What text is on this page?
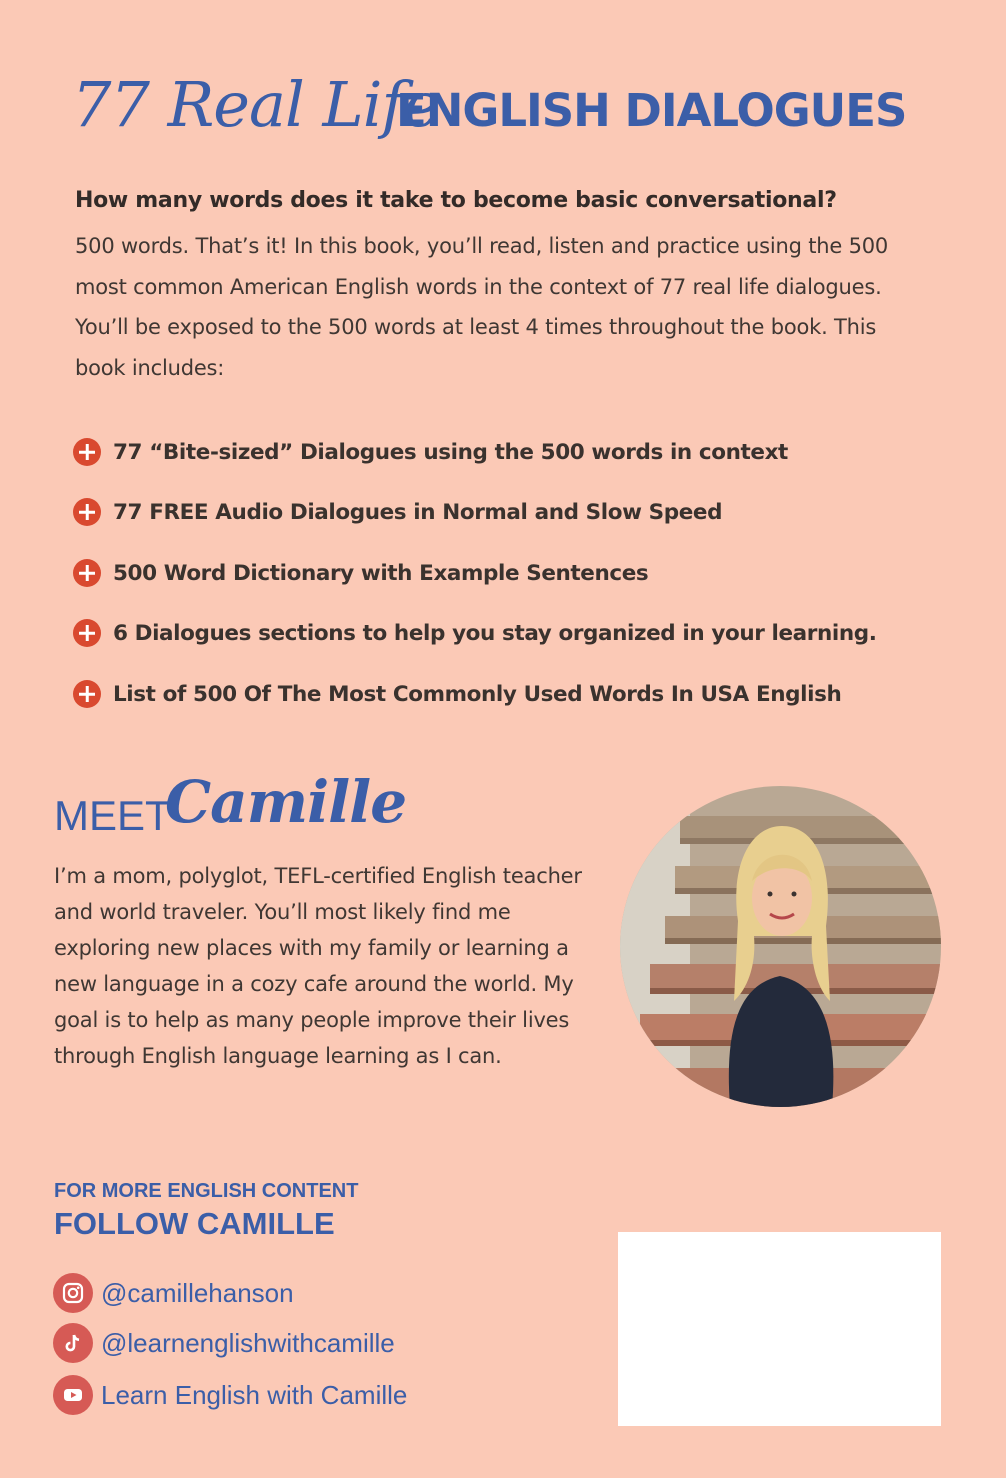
77 Real Life
ENGLISH DIALOGUES
How many words does it take to become basic conversational?
500 words. That’s it! In this book, you’ll read, listen and practice using the 500 most common American English words in the context of 77 real life dialogues. You’ll be exposed to the 500 words at least 4 times throughout the book. This book includes:
77 “Bite-sized” Dialogues using the 500 words in context
77 FREE Audio Dialogues in Normal and Slow Speed
500 Word Dictionary with Example Sentences
6 Dialogues sections to help you stay organized in your learning.
List of 500 Of The Most Commonly Used Words In USA English
MEET
Camille
I’m a mom, polyglot, TEFL-certified English teacher and world traveler. You’ll most likely find me exploring new places with my family or learning a new language in a cozy cafe around the world. My goal is to help as many people improve their lives through English language learning as I can.
FOR MORE ENGLISH CONTENT
FOLLOW CAMILLE
@camillehanson
@learnenglishwithcamille
Learn English with Camille
